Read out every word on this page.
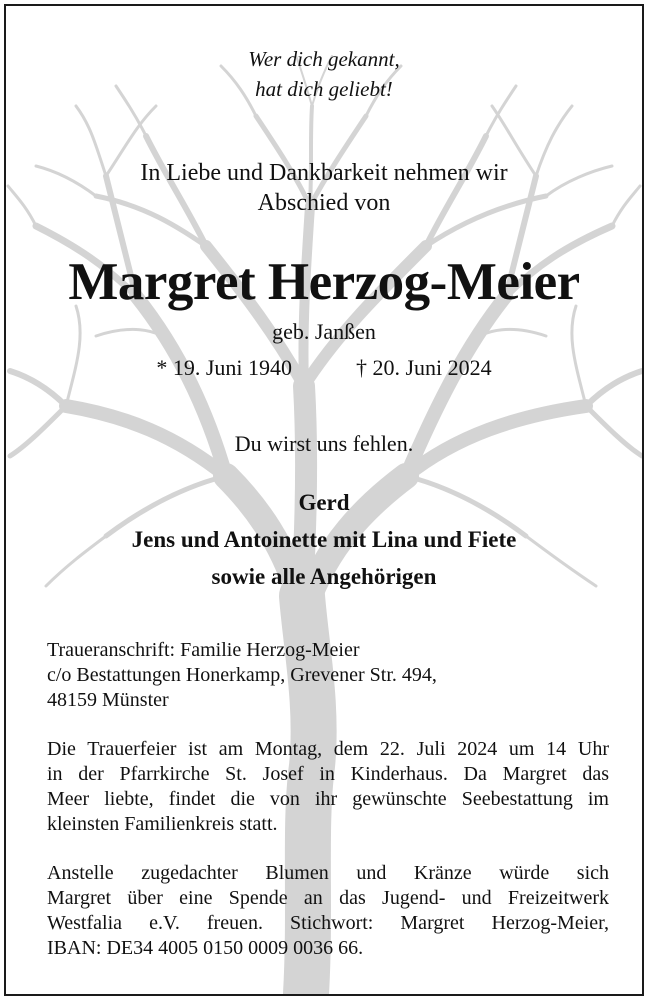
Wer dich gekannt,
hat dich geliebt!
In Liebe und Dankbarkeit nehmen wir
Abschied von
Margret Herzog-Meier
geb. Janßen
* 19. Juni 1940	† 20. Juni 2024
Du wirst uns fehlen.
Gerd
Jens und Antoinette mit Lina und Fiete
sowie alle Angehörigen
Traueranschrift: Familie Herzog-Meier
c/o Bestattungen Honerkamp, Grevener Str. 494,
48159 Münster
Die Trauerfeier ist am Montag, dem 22. Juli 2024 um 14 Uhr
in der Pfarrkirche St. Josef in Kinderhaus. Da Margret das
Meer liebte, findet die von ihr gewünschte Seebestattung im
kleinsten Familienkreis statt.
Anstelle zugedachter Blumen und Kränze würde sich
Margret über eine Spende an das Jugend- und Freizeitwerk
Westfalia e.V. freuen. Stichwort: Margret Herzog-Meier,
IBAN: DE34 4005 0150 0009 0036 66.
